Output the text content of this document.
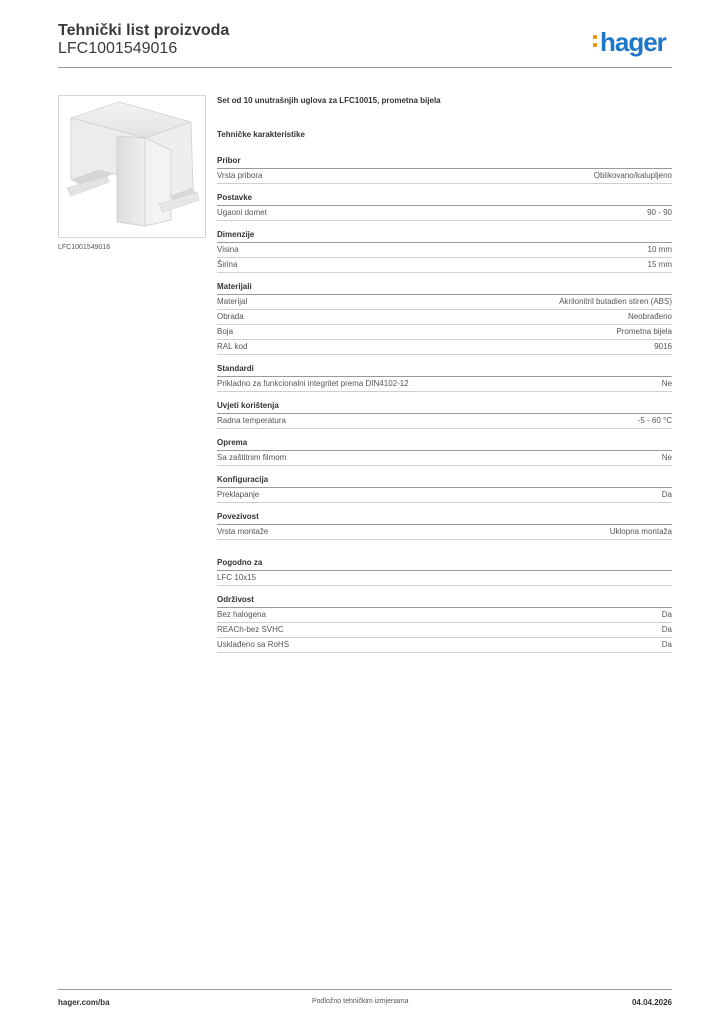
Tehnički list proizvoda
LFC1001549016	hager
LFC1001549016
Set od 10 unutrašnjih uglova za LFC10015, prometna bijela
Tehničke karakteristike
Pribor
Vrsta pribora	Oblikovano/kalupljeno
Postavke
Ugaoni domet	90 - 90
Dimenzije
Visina	10 mm
Širina	15 mm
Materijali
Materijal	Akrilonitril butadien stiren (ABS)
Obrada	Neobrađeno
Boja	Prometna bijela
RAL kod	9016
Standardi
Prikladno za funkcionalni integritet prema DIN4102-12	Ne
Uvjeti korištenja
Radna temperatura	-5 - 60 °C
Oprema
Sa zaštitnim filmom	Ne
Konfiguracija
Preklapanje	Da
Povezivost
Vrsta montaže	Uklopna montaža
Pogodno za
LFC 10x15
Održivost
Bez halogena	Da
REACh-bez SVHC	Da
Usklađeno sa RoHS	Da
hager.com/ba	Podložno tehničkim izmjenama	04.04.2026
